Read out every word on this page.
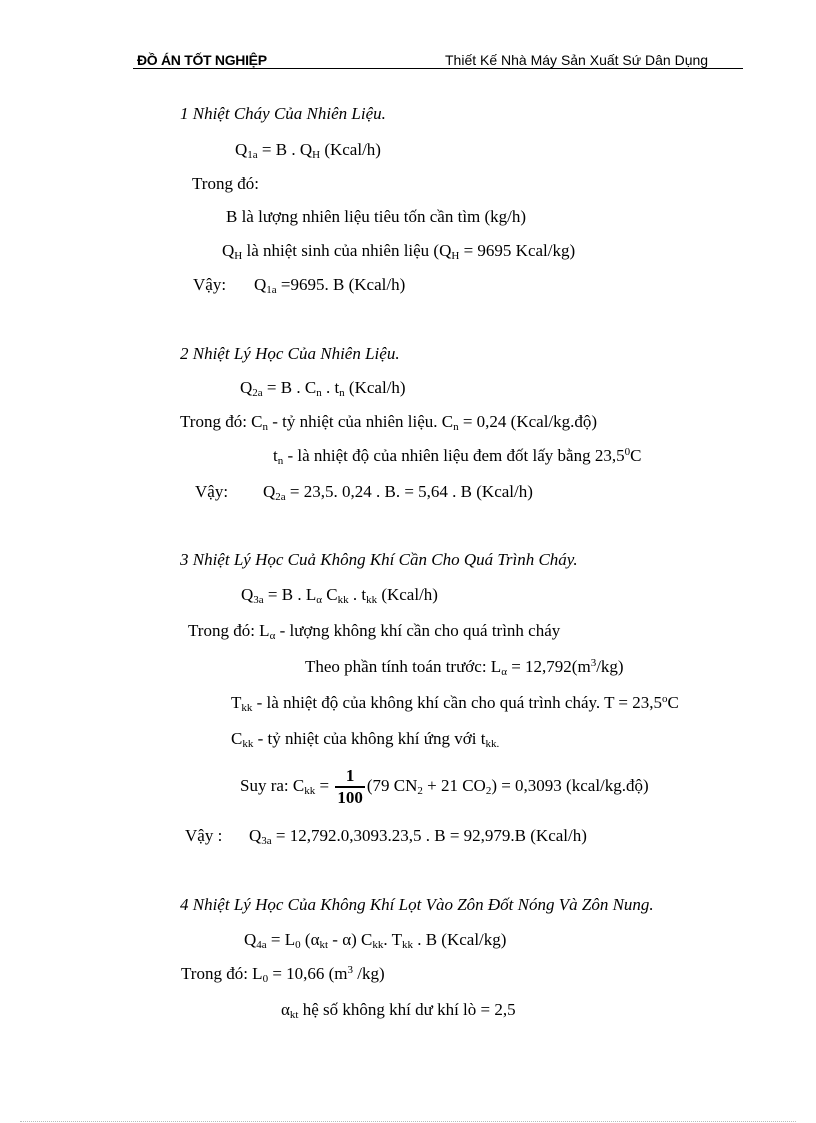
ĐỒ ÁN TỐT NGHIỆP	Thiết Kế Nhà Máy Sản Xuất Sứ Dân Dụng
1 Nhiệt Cháy Của Nhiên Liệu.
$Q_{1a} = B$ . $Q_H$ (Kcal/h)
Trong đó:
B là lượng nhiên liệu tiêu tốn cần tìm (kg/h)
$Q_H$ là nhiệt sinh của nhiên liệu ($Q_H = 9695$ Kcal/kg)
Vậy: $Q_{1a} =9695$. B (Kcal/h)
2 Nhiệt Lý Học Của Nhiên Liệu.
$Q_{2a} = B$ . $C_n$ . $t_n$ (Kcal/h)
Trong đó: $C_n$ - tỷ nhiệt của nhiên liệu. $C_n = 0,24$ (Kcal/kg.độ)
$t_n$ - là nhiệt độ của nhiên liệu đem đốt lấy bằng 23,5$^0$C
Vậy: $Q_{2a} = 23,5$. 0,24 . B. = 5,64 . B (Kcal/h)
3 Nhiệt Lý Học Cuả Không Khí Cần Cho Quá Trình Cháy.
$Q_{3a} = B$ . $L_\alpha$ $C_{kk}$ . $t_{kk}$ (Kcal/h)
Trong đó: $L_\alpha$ - lượng không khí cần cho quá trình cháy
Theo phần tính toán trước: $L_\alpha = 12,792(m^3/kg)$
$T_{kk}$ - là nhiệt độ của không khí cần cho quá trình cháy. $T = 23,5^oC$
$C_{kk}$ - tỷ nhiệt của không khí ứng với $t_{kk.}$
Suy ra: $C_{kk} = \frac{1}{100} (79$ $CN_2 + 21$ $CO_2) = 0,3093$ (kcal/kg.độ)
Vậy : $Q_{3a} = 12,792.0,3093.23,5$ . B = 92,979.B (Kcal/h)
4 Nhiệt Lý Học Của Không Khí Lọt Vào Zôn Đốt Nóng Và Zôn Nung.
$Q_{4a} = L_0$ $(\alpha_{kt} - \alpha)$ $C_{kk}$. $T_{kk}$ . B (Kcal/kg)
Trong đó: $L_0 = 10,66$ ($m^3$ /kg)
$\alpha_{kt}$ hệ số không khí dư khí lò = 2,5
